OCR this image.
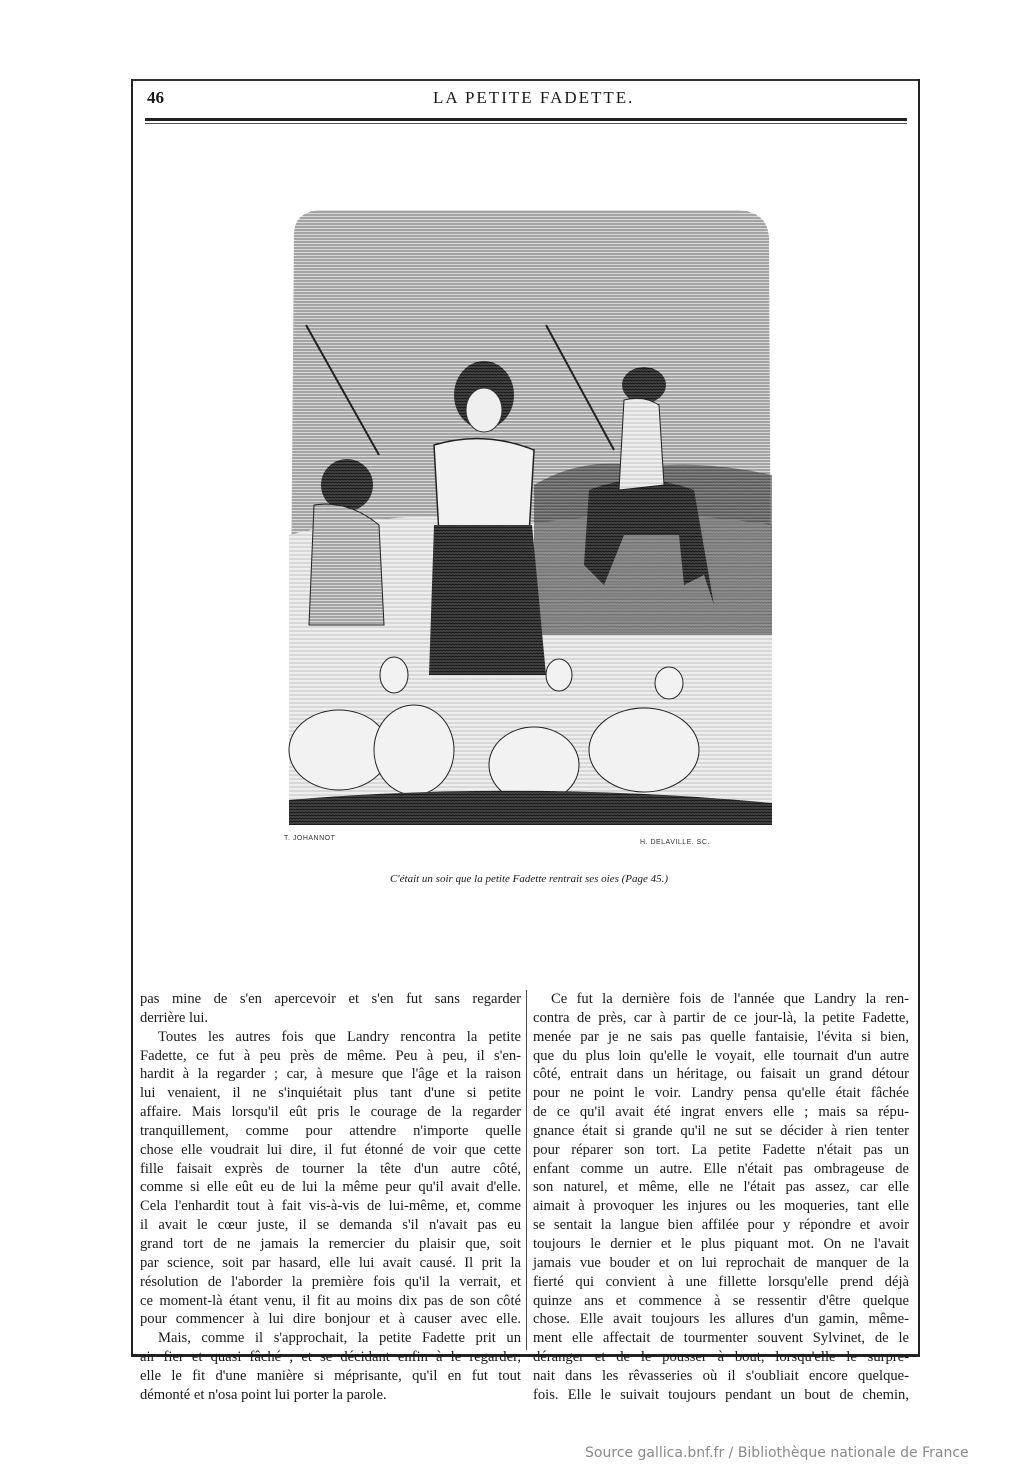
46	LA PETITE FADETTE.
T. JOHANNOT
H. DELAVILLE. SC.
C'était un soir que la petite Fadette rentrait ses oies (Page 45.)
pas mine de s'en apercevoir et s'en fut sans regarder
derrière lui.
Toutes les autres fois que Landry rencontra la petite
Fadette, ce fut à peu près de même. Peu à peu, il s'en-
hardit à la regarder ; car, à mesure que l'âge et la raison
lui venaient, il ne s'inquiétait plus tant d'une si petite
affaire. Mais lorsqu'il eût pris le courage de la regarder
tranquillement, comme pour attendre n'importe quelle
chose elle voudrait lui dire, il fut étonné de voir que cette
fille faisait exprès de tourner la tête d'un autre côté,
comme si elle eût eu de lui la même peur qu'il avait d'elle.
Cela l'enhardit tout à fait vis-à-vis de lui-même, et, comme
il avait le cœur juste, il se demanda s'il n'avait pas eu
grand tort de ne jamais la remercier du plaisir que, soit
par science, soit par hasard, elle lui avait causé. Il prit la
résolution de l'aborder la première fois qu'il la verrait, et
ce moment-là étant venu, il fit au moins dix pas de son côté
pour commencer à lui dire bonjour et à causer avec elle.
Mais, comme il s'approchait, la petite Fadette prit un
air fier et quasi fâché ; et se décidant enfin à le regarder,
elle le fit d'une manière si méprisante, qu'il en fut tout
démonté et n'osa point lui porter la parole.
Ce fut la dernière fois de l'année que Landry la ren-
contra de près, car à partir de ce jour-là, la petite Fadette,
menée par je ne sais pas quelle fantaisie, l'évita si bien,
que du plus loin qu'elle le voyait, elle tournait d'un autre
côté, entrait dans un héritage, ou faisait un grand détour
pour ne point le voir. Landry pensa qu'elle était fâchée
de ce qu'il avait été ingrat envers elle ; mais sa répu-
gnance était si grande qu'il ne sut se décider à rien tenter
pour réparer son tort. La petite Fadette n'était pas un
enfant comme un autre. Elle n'était pas ombrageuse de
son naturel, et même, elle ne l'était pas assez, car elle
aimait à provoquer les injures ou les moqueries, tant elle
se sentait la langue bien affilée pour y répondre et avoir
toujours le dernier et le plus piquant mot. On ne l'avait
jamais vue bouder et on lui reprochait de manquer de la
fierté qui convient à une fillette lorsqu'elle prend déjà
quinze ans et commence à se ressentir d'être quelque
chose. Elle avait toujours les allures d'un gamin, même-
ment elle affectait de tourmenter souvent Sylvinet, de le
déranger et de le pousser à bout, lorsqu'elle le surpre-
nait dans les rêvasseries où il s'oubliait encore quelque-
fois. Elle le suivait toujours pendant un bout de chemin,
Source gallica.bnf.fr / Bibliothèque nationale de France
